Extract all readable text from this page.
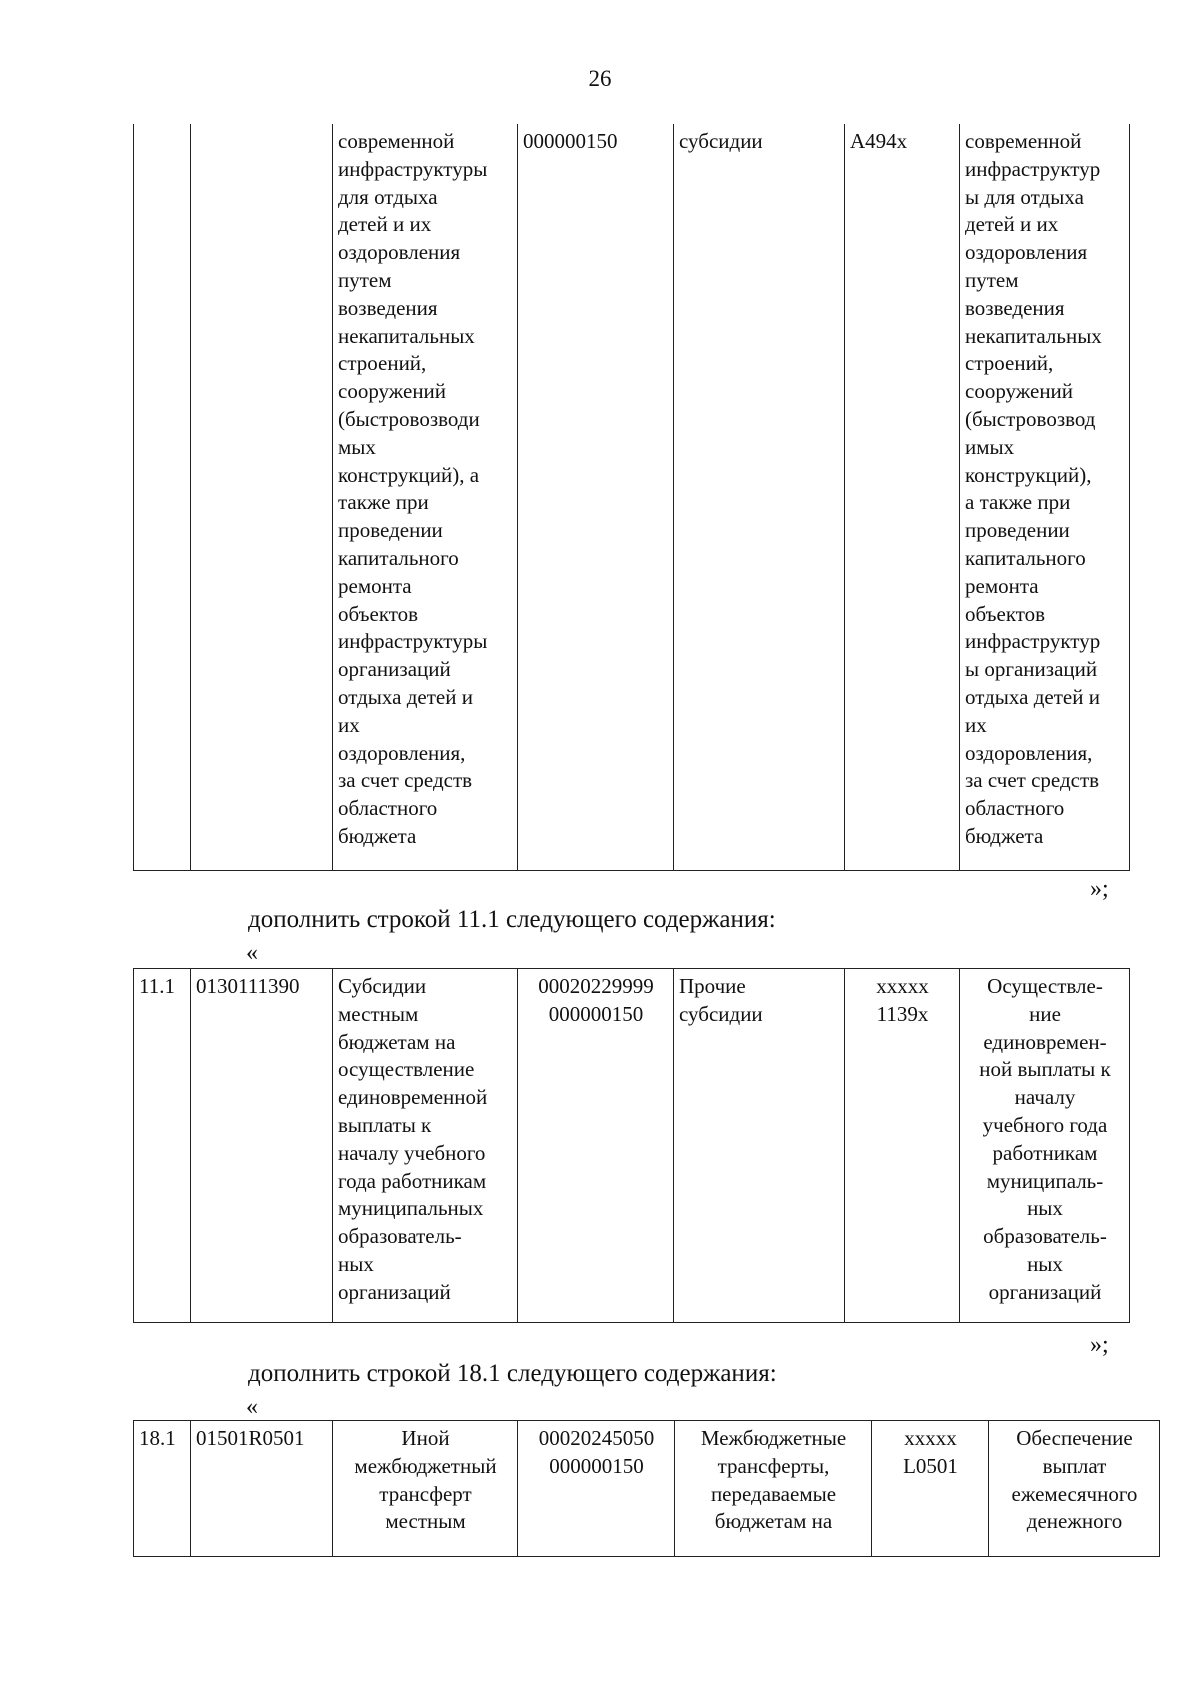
26
		современной
инфраструктуры
для отдыха
детей и их
оздоровления
путем
возведения
некапитальных
строений,
сооружений
(быстровозводи
мых
конструкций), а
также при
проведении
капитального
ремонта
объектов
инфраструктуры
организаций
отдыха детей и
их
оздоровления,
за счет средств
областного
бюджета	000000150	субсидии	A494x	современной
инфраструктур
ы для отдыха
детей и их
оздоровления
путем
возведения
некапитальных
строений,
сооружений
(быстровозвод
имых
конструкций),
а также при
проведении
капитального
ремонта
объектов
инфраструктур
ы организаций
отдыха детей и
их
оздоровления,
за счет средств
областного
бюджета
»;
дополнить строкой 11.1 следующего содержания:
«
11.1	0130111390	Субсидии
местным
бюджетам на
осуществление
единовременной
выплаты к
началу учебного
года работникам
муниципальных
образователь-
ных
организаций	00020229999
000000150	Прочие
субсидии	xxxxx
1139x	Осуществле-
ние
единовремен-
ной выплаты к
началу
учебного года
работникам
муниципаль-
ных
образователь-
ных
организаций
»;
дополнить строкой 18.1 следующего содержания:
«
18.1	01501R0501	Иной
межбюджетный
трансферт
местным	00020245050
000000150	Межбюджетные
трансферты,
передаваемые
бюджетам на	xxxxx
L0501	Обеспечение
выплат
ежемесячного
денежного
